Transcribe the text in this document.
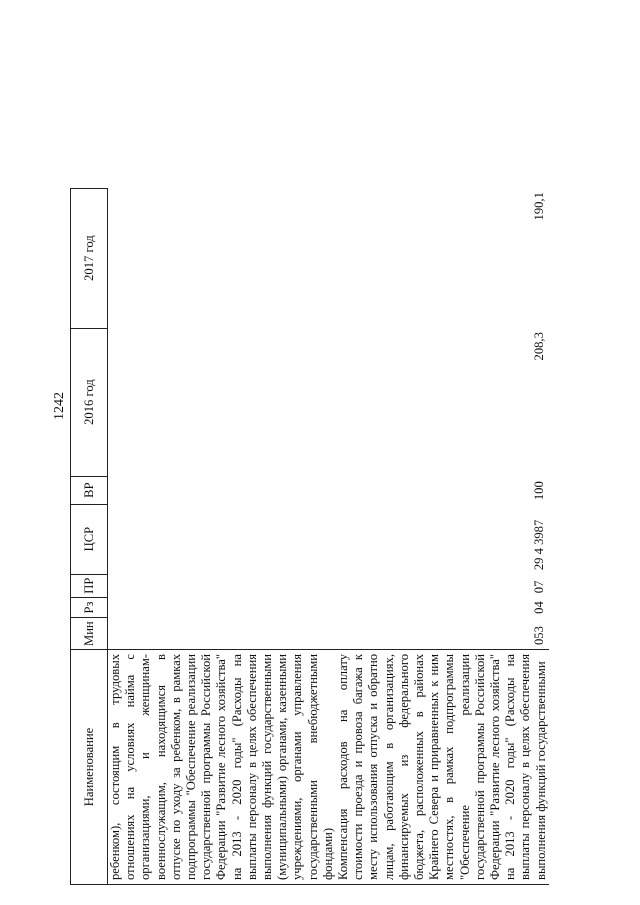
1242
Наименование	Мин	Рз	ПР	ЦСР	ВР	2016 год	2017 год
ребенком), состоящим в трудовых отношениях на условиях найма с организациями, и женщинам-военнослужащим, находящимся в отпуске по уходу за ребенком, в рамках подпрограммы "Обеспечение реализации государственной программы Российской Федерации "Развитие лесного хозяйства" на 2013 - 2020 годы" (Расходы на выплаты персоналу в целях обеспечения выполнения функций государственными (муниципальными) органами, казенными учреждениями, органами управления государственными внебюджетными фондами)							
Компенсация расходов на оплату стоимости проезда и провоза багажа к месту использования отпуска и обратно лицам, работающим в организациях, финансируемых из федерального бюджета, расположенных в районах Крайнего Севера и приравненных к ним местностях, в рамках подпрограммы "Обеспечение реализации государственной программы Российской Федерации "Развитие лесного хозяйства" на 2013 - 2020 годы" (Расходы на выплаты персоналу в целях обеспечения выполнения функций государственными	053	04	07	29 4 3987	100	208,3	190,1
